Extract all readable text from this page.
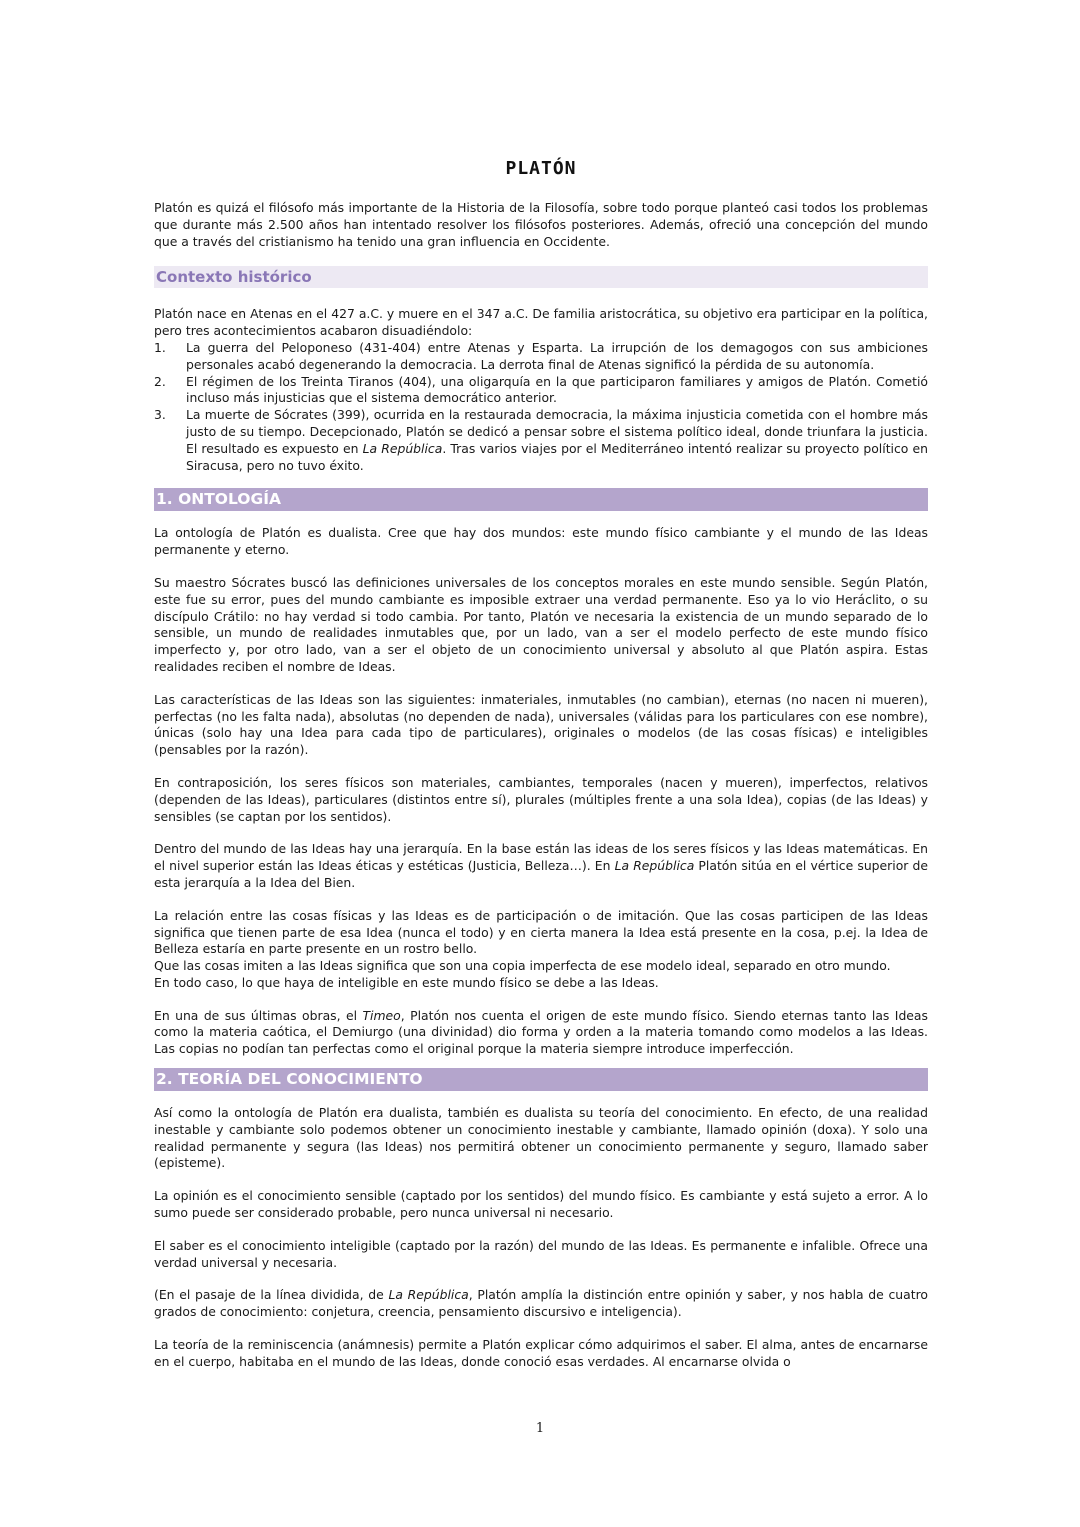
PLATÓN

Platón es quizá el filósofo más importante de la Historia de la Filosofía, sobre todo porque planteó casi todos los problemas que durante más 2.500 años han intentado resolver los filósofos posteriores. Además, ofreció una concepción del mundo que a través del cristianismo ha tenido una gran influencia en Occidente.

Contexto histórico

Platón nace en Atenas en el 427 a.C. y muere en el 347 a.C. De familia aristocrática, su objetivo era participar en la política, pero tres acontecimientos acabaron disuadiéndolo:

1. La guerra del Peloponeso (431-404) entre Atenas y Esparta. La irrupción de los demagogos con sus ambiciones personales acabó degenerando la democracia. La derrota final de Atenas significó la pérdida de su autonomía.
2. El régimen de los Treinta Tiranos (404), una oligarquía en la que participaron familiares y amigos de Platón. Cometió incluso más injusticias que el sistema democrático anterior.
3. La muerte de Sócrates (399), ocurrida en la restaurada democracia, la máxima injusticia cometida con el hombre más justo de su tiempo. Decepcionado, Platón se dedicó a pensar sobre el sistema político ideal, donde triunfara la justicia. El resultado es expuesto en La República. Tras varios viajes por el Mediterráneo intentó realizar su proyecto político en Siracusa, pero no tuvo éxito.
1. ONTOLOGÍA

La ontología de Platón es dualista. Cree que hay dos mundos: este mundo físico cambiante y el mundo de las Ideas permanente y eterno.

Su maestro Sócrates buscó las definiciones universales de los conceptos morales en este mundo sensible. Según Platón, este fue su error, pues del mundo cambiante es imposible extraer una verdad permanente. Eso ya lo vio Heráclito, o su discípulo Crátilo: no hay verdad si todo cambia. Por tanto, Platón ve necesaria la existencia de un mundo separado de lo sensible, un mundo de realidades inmutables que, por un lado, van a ser el modelo perfecto de este mundo físico imperfecto y, por otro lado, van a ser el objeto de un conocimiento universal y absoluto al que Platón aspira. Estas realidades reciben el nombre de Ideas.

Las características de las Ideas son las siguientes: inmateriales, inmutables (no cambian), eternas (no nacen ni mueren), perfectas (no les falta nada), absolutas (no dependen de nada), universales (válidas para los particulares con ese nombre), únicas (solo hay una Idea para cada tipo de particulares), originales o modelos (de las cosas físicas) e inteligibles (pensables por la razón).

En contraposición, los seres físicos son materiales, cambiantes, temporales (nacen y mueren), imperfectos, relativos (dependen de las Ideas), particulares (distintos entre sí), plurales (múltiples frente a una sola Idea), copias (de las Ideas) y sensibles (se captan por los sentidos).

Dentro del mundo de las Ideas hay una jerarquía. En la base están las ideas de los seres físicos y las Ideas matemáticas. En el nivel superior están las Ideas éticas y estéticas (Justicia, Belleza…). En La República Platón sitúa en el vértice superior de esta jerarquía a la Idea del Bien.

La relación entre las cosas físicas y las Ideas es de participación o de imitación. Que las cosas participen de las Ideas significa que tienen parte de esa Idea (nunca el todo) y en cierta manera la Idea está presente en la cosa, p.ej. la Idea de Belleza estaría en parte presente en un rostro bello.

Que las cosas imiten a las Ideas significa que son una copia imperfecta de ese modelo ideal, separado en otro mundo.

En todo caso, lo que haya de inteligible en este mundo físico se debe a las Ideas.

En una de sus últimas obras, el Timeo, Platón nos cuenta el origen de este mundo físico. Siendo eternas tanto las Ideas como la materia caótica, el Demiurgo (una divinidad) dio forma y orden a la materia tomando como modelos a las Ideas. Las copias no podían tan perfectas como el original porque la materia siempre introduce imperfección.

2. TEORÍA DEL CONOCIMIENTO

Así como la ontología de Platón era dualista, también es dualista su teoría del conocimiento. En efecto, de una realidad inestable y cambiante solo podemos obtener un conocimiento inestable y cambiante, llamado opinión (doxa). Y solo una realidad permanente y segura (las Ideas) nos permitirá obtener un conocimiento permanente y seguro, llamado saber (episteme).

La opinión es el conocimiento sensible (captado por los sentidos) del mundo físico. Es cambiante y está sujeto a error. A lo sumo puede ser considerado probable, pero nunca universal ni necesario.

El saber es el conocimiento inteligible (captado por la razón) del mundo de las Ideas. Es permanente e infalible. Ofrece una verdad universal y necesaria.

(En el pasaje de la línea dividida, de La República, Platón amplía la distinción entre opinión y saber, y nos habla de cuatro grados de conocimiento: conjetura, creencia, pensamiento discursivo e inteligencia).

La teoría de la reminiscencia (anámnesis) permite a Platón explicar cómo adquirimos el saber. El alma, antes de encarnarse en el cuerpo, habitaba en el mundo de las Ideas, donde conoció esas verdades. Al encarnarse olvida o

1
